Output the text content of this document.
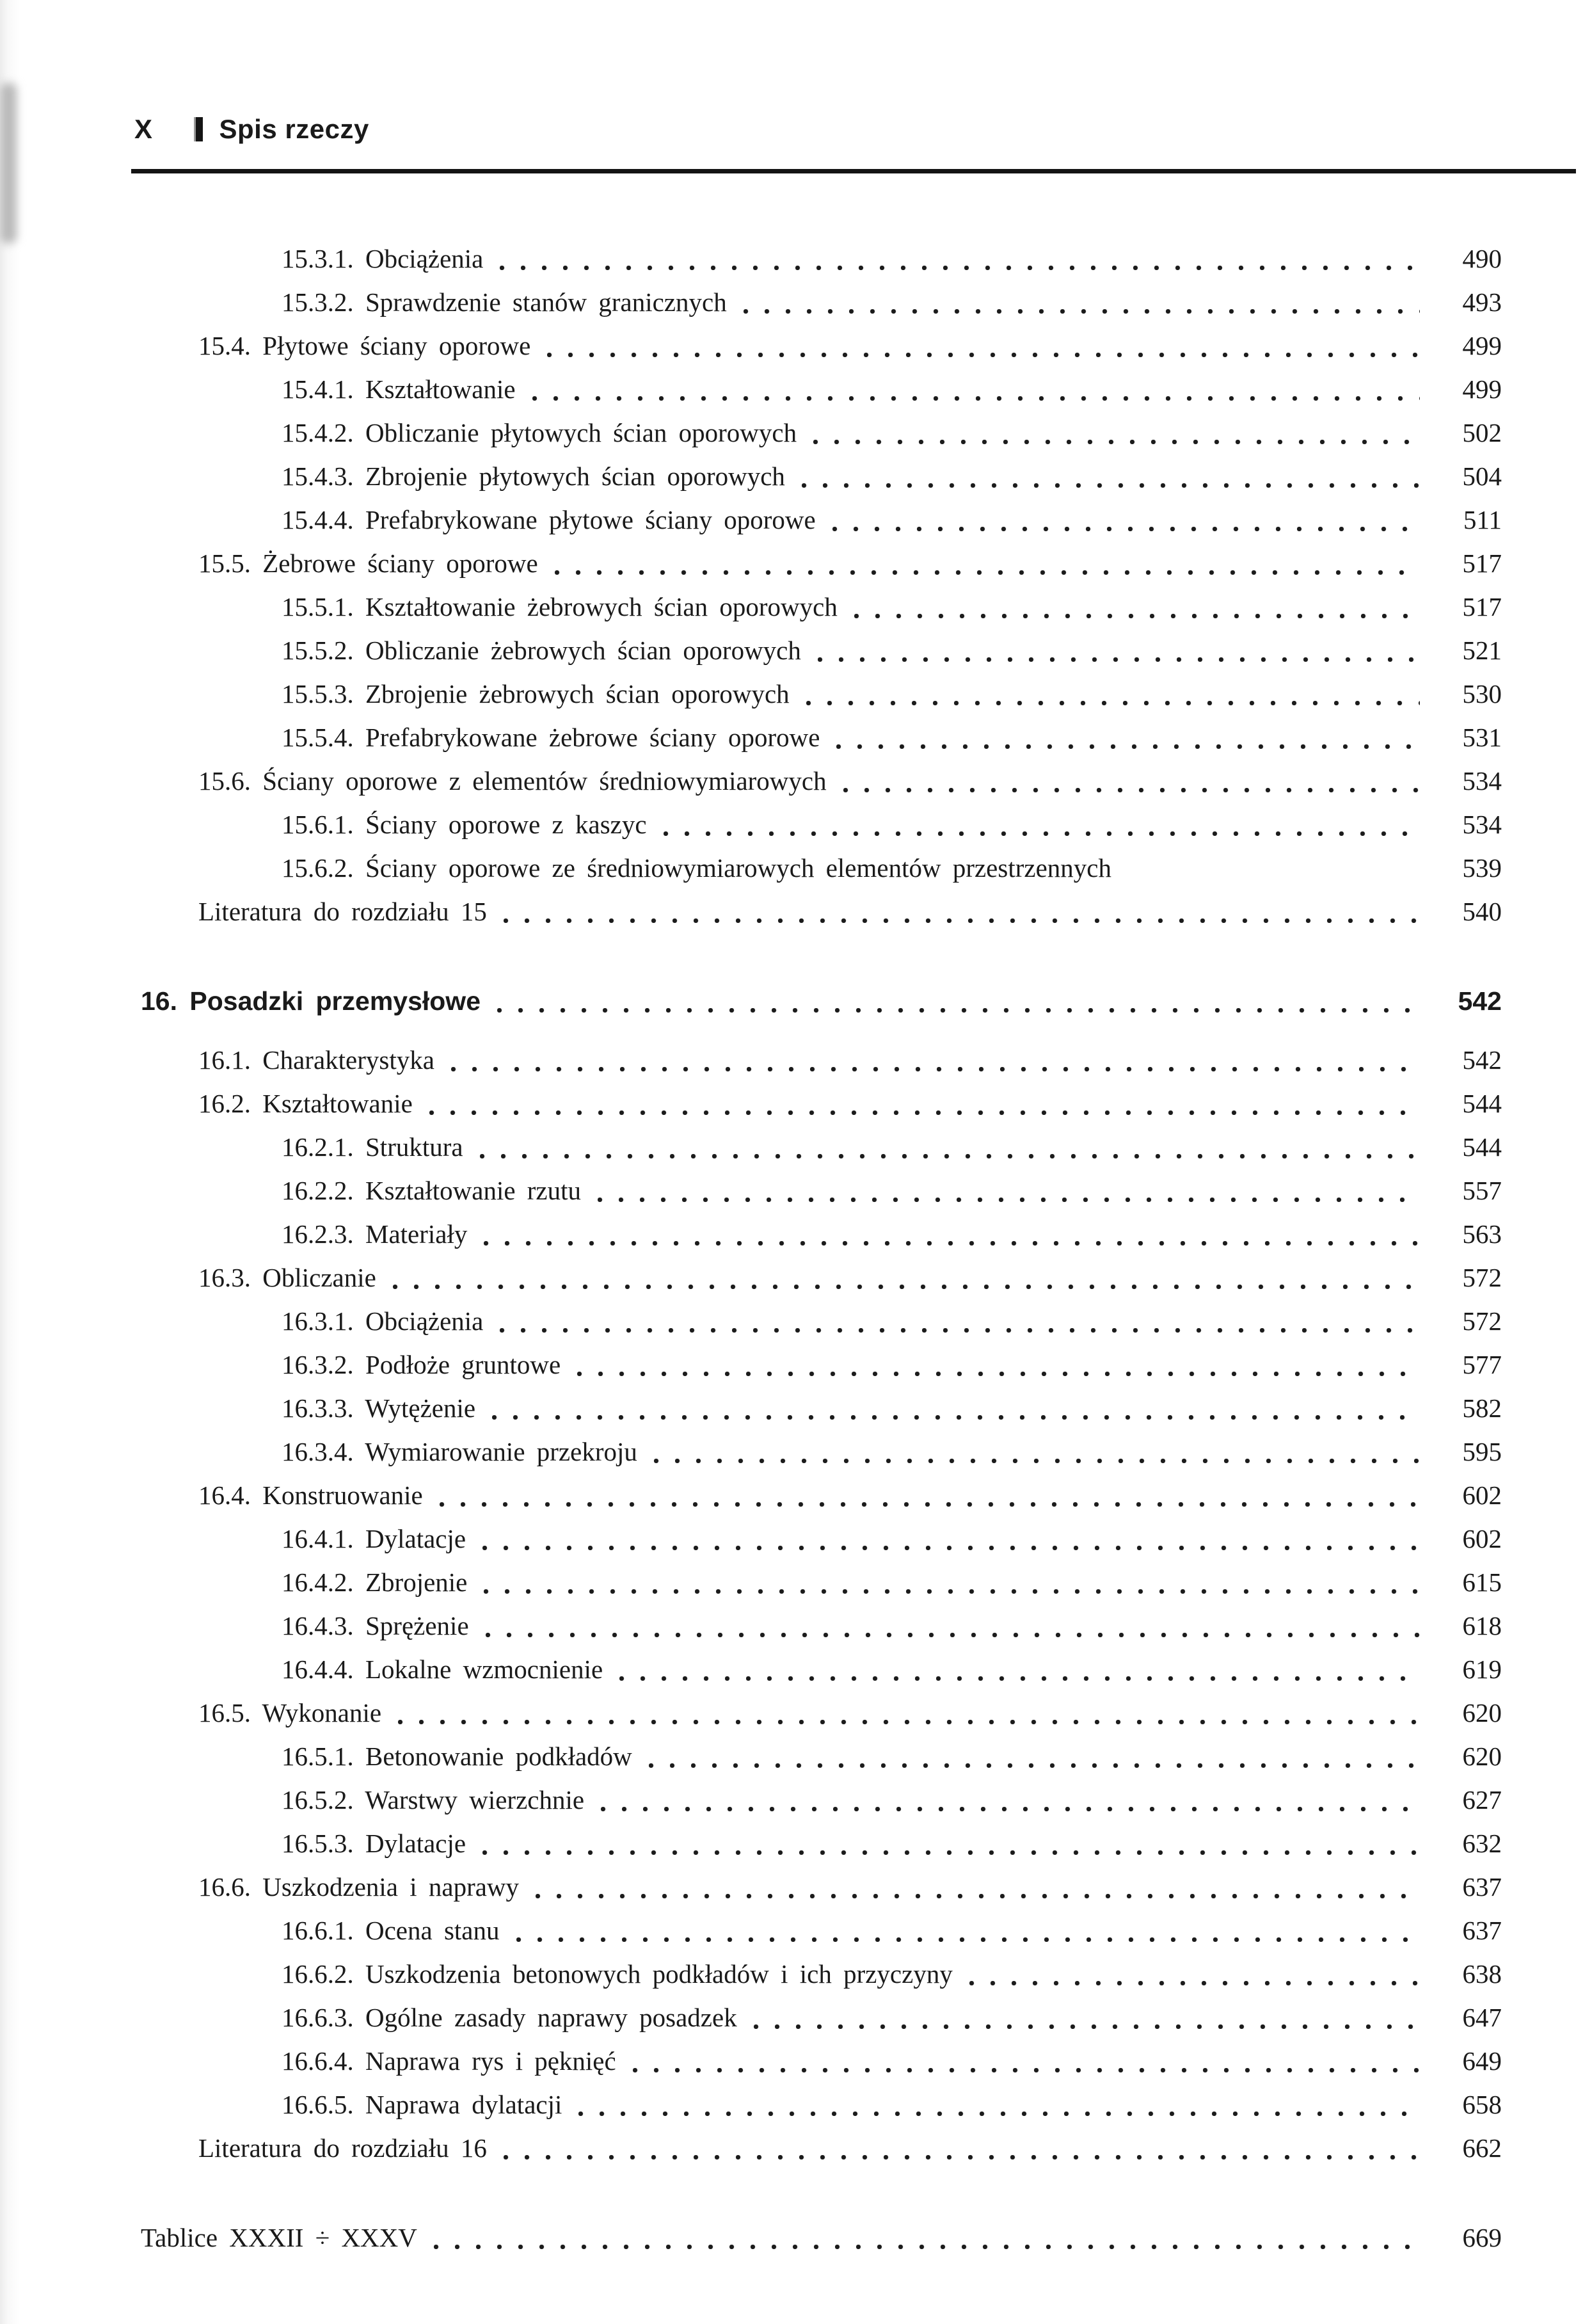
X Spis rzeczy
15.3.1. Obciążenia	490
15.3.2. Sprawdzenie stanów granicznych	493
15.4. Płytowe ściany oporowe	499
15.4.1. Kształtowanie	499
15.4.2. Obliczanie płytowych ścian oporowych	502
15.4.3. Zbrojenie płytowych ścian oporowych	504
15.4.4. Prefabrykowane płytowe ściany oporowe	511
15.5. Żebrowe ściany oporowe	517
15.5.1. Kształtowanie żebrowych ścian oporowych	517
15.5.2. Obliczanie żebrowych ścian oporowych	521
15.5.3. Zbrojenie żebrowych ścian oporowych	530
15.5.4. Prefabrykowane żebrowe ściany oporowe	531
15.6. Ściany oporowe z elementów średniowymiarowych	534
15.6.1. Ściany oporowe z kaszyc	534
15.6.2. Ściany oporowe ze średniowymiarowych elementów przestrzennych	539
Literatura do rozdziału 15	540
16. Posadzki przemysłowe	542
16.1. Charakterystyka	542
16.2. Kształtowanie	544
16.2.1. Struktura	544
16.2.2. Kształtowanie rzutu	557
16.2.3. Materiały	563
16.3. Obliczanie	572
16.3.1. Obciążenia	572
16.3.2. Podłoże gruntowe	577
16.3.3. Wytężenie	582
16.3.4. Wymiarowanie przekroju	595
16.4. Konstruowanie	602
16.4.1. Dylatacje	602
16.4.2. Zbrojenie	615
16.4.3. Sprężenie	618
16.4.4. Lokalne wzmocnienie	619
16.5. Wykonanie	620
16.5.1. Betonowanie podkładów	620
16.5.2. Warstwy wierzchnie	627
16.5.3. Dylatacje	632
16.6. Uszkodzenia i naprawy	637
16.6.1. Ocena stanu	637
16.6.2. Uszkodzenia betonowych podkładów i ich przyczyny	638
16.6.3. Ogólne zasady naprawy posadzek	647
16.6.4. Naprawa rys i pęknięć	649
16.6.5. Naprawa dylatacji	658
Literatura do rozdziału 16	662
Tablice XXXII ÷ XXXV	669
